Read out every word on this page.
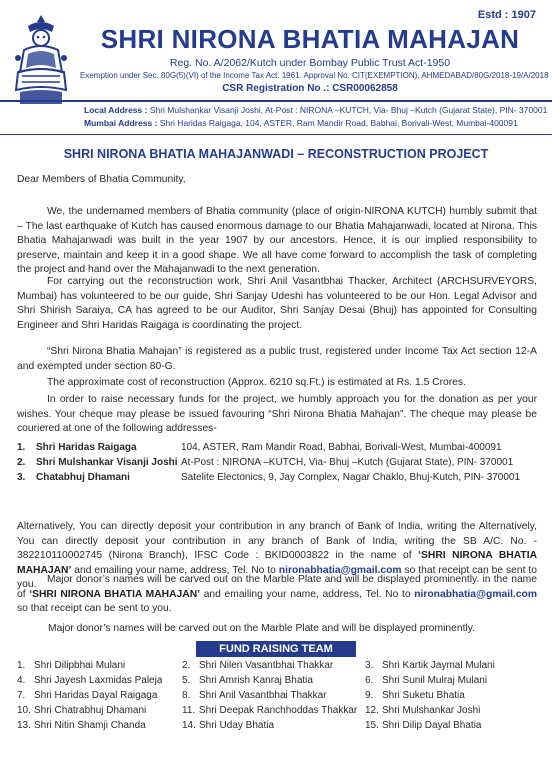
Estd : 1907
SHRI NIRONA BHATIA MAHAJAN
Reg. No. A/2062/Kutch under Bombay Public Trust Act-1950
Exemption under Sec. 80G(5)(VI) of the Income Tax Act. 1961. Approval No. CIT(EXEMPTION). AHMEDABAD/80G/2018-19/A/2018
CSR Registration No .: CSR00062858
Local Address : Shri Mulshankar Visanji Joshi, At-Post : NIRONA –KUTCH, Via- Bhuj –Kutch (Gujarat State), PIN- 370001
Mumbai Address : Shri Haridas Raigaga, 104, ASTER, Ram Mandir Road, Babhai, Borivali-West, Mumbai-400091
SHRI NIRONA BHATIA MAHAJANWADI – RECONSTRUCTION PROJECT
Dear Members of Bhatia Community,
We, the undernamed members of Bhatia community (place of origin-NIRONA KUTCH) humbly submit that – The last earthquake of Kutch has caused enormous damage to our Bhatia Mahajanwadi, located at Nirona. This Bhatia Mahajanwadi was built in the year 1907 by our ancestors. Hence, it is our implied responsibility to preserve, maintain and keep it in a good shape. We all have come forward to accomplish the task of completing the project and hand over the Mahajanwadi to the next generation.
For carrying out the reconstruction work, Shri Anil Vasantbhai Thacker, Architect (ARCHSURVEYORS, Mumbai) has volunteered to be our guide, Shri Sanjay Udeshi has volunteered to be our Hon. Legal Advisor and Shri Shirish Saraiya, CA has agreed to be our Auditor, Shri Sanjay Desai (Bhuj) has appointed for Consulting Engineer and Shri Haridas Raigaga is coordinating the project.
“Shri Nirona Bhatia Mahajan” is registered as a public trust, registered under Income Tax Act section 12-A and exempted under section 80-G.
The approximate cost of reconstruction (Approx. 6210 sq.Ft.) is estimated at Rs. 1.5 Crores.
In order to raise necessary funds for the project, we humbly approach you for the donation as per your wishes. Your cheque may please be issued favouring “Shri Nirona Bhatia Mahajan”. The cheque may please be couriered at one of the following addresses-
1. Shri Haridas Raigaga	104, ASTER, Ram Mandir Road, Babhai, Borivali-West, Mumbai-400091
2. Shri Mulshankar Visanji Joshi At-Post : NIRONA –KUTCH, Via- Bhuj –Kutch (Gujarat State), PIN- 370001
3. Chatabhuj Dhamani	Satelite Electonics, 9, Jay Complex, Nagar Chaklo, Bhuj-Kutch, PIN- 370001
Alternatively, You can directly deposit your contribution in any branch of Bank of India, writing the Alternatively, You can directly deposit your contribution in any branch of Bank of India, writing the SB A/C. No. - 382210110002745 (Nirona Branch), IFSC Code : BKID0003822 in the name of ‘SHRI NIRONA BHATIA MAHAJAN’ and emailing your name, address, Tel. No to nironabhatia@gmail.com so that receipt can be sent to you.	Major donor’s names will be carved out on the Marble Plate and will be displayed prominently. in the name of ‘SHRI NIRONA BHATIA MAHAJAN’ and emailing your name, address, Tel. No to nironabhatia@gmail.com so that receipt can be sent to you.
Major donor’s names will be carved out on the Marble Plate and will be displayed prominently.
FUND RAISING TEAM
1. Shri Dilipbhai Mulani	2. Shri Nilen Vasantbhai Thakkar	3. Shri Kartik Jaymal Mulani
4. Shri Jayesh Laxmidas Paleja 5. Shri Amrish Kanraj Bhatia	6. Shri Sunil Mulraj Mulani
7. Shri Haridas Dayal Raigaga 8. Shri Anil Vasantbhai Thakkar	9. Shri Suketu Bhatia
10. Shri Chatrabhuj Dhamani	11. Shri Deepak Ranchhoddas Thakkar 12. Shri Mulshankar Joshi
13. Shri Nitin Shamji Chanda	14. Shri Uday Bhatia	15. Shri Dilip Dayal Bhatia
